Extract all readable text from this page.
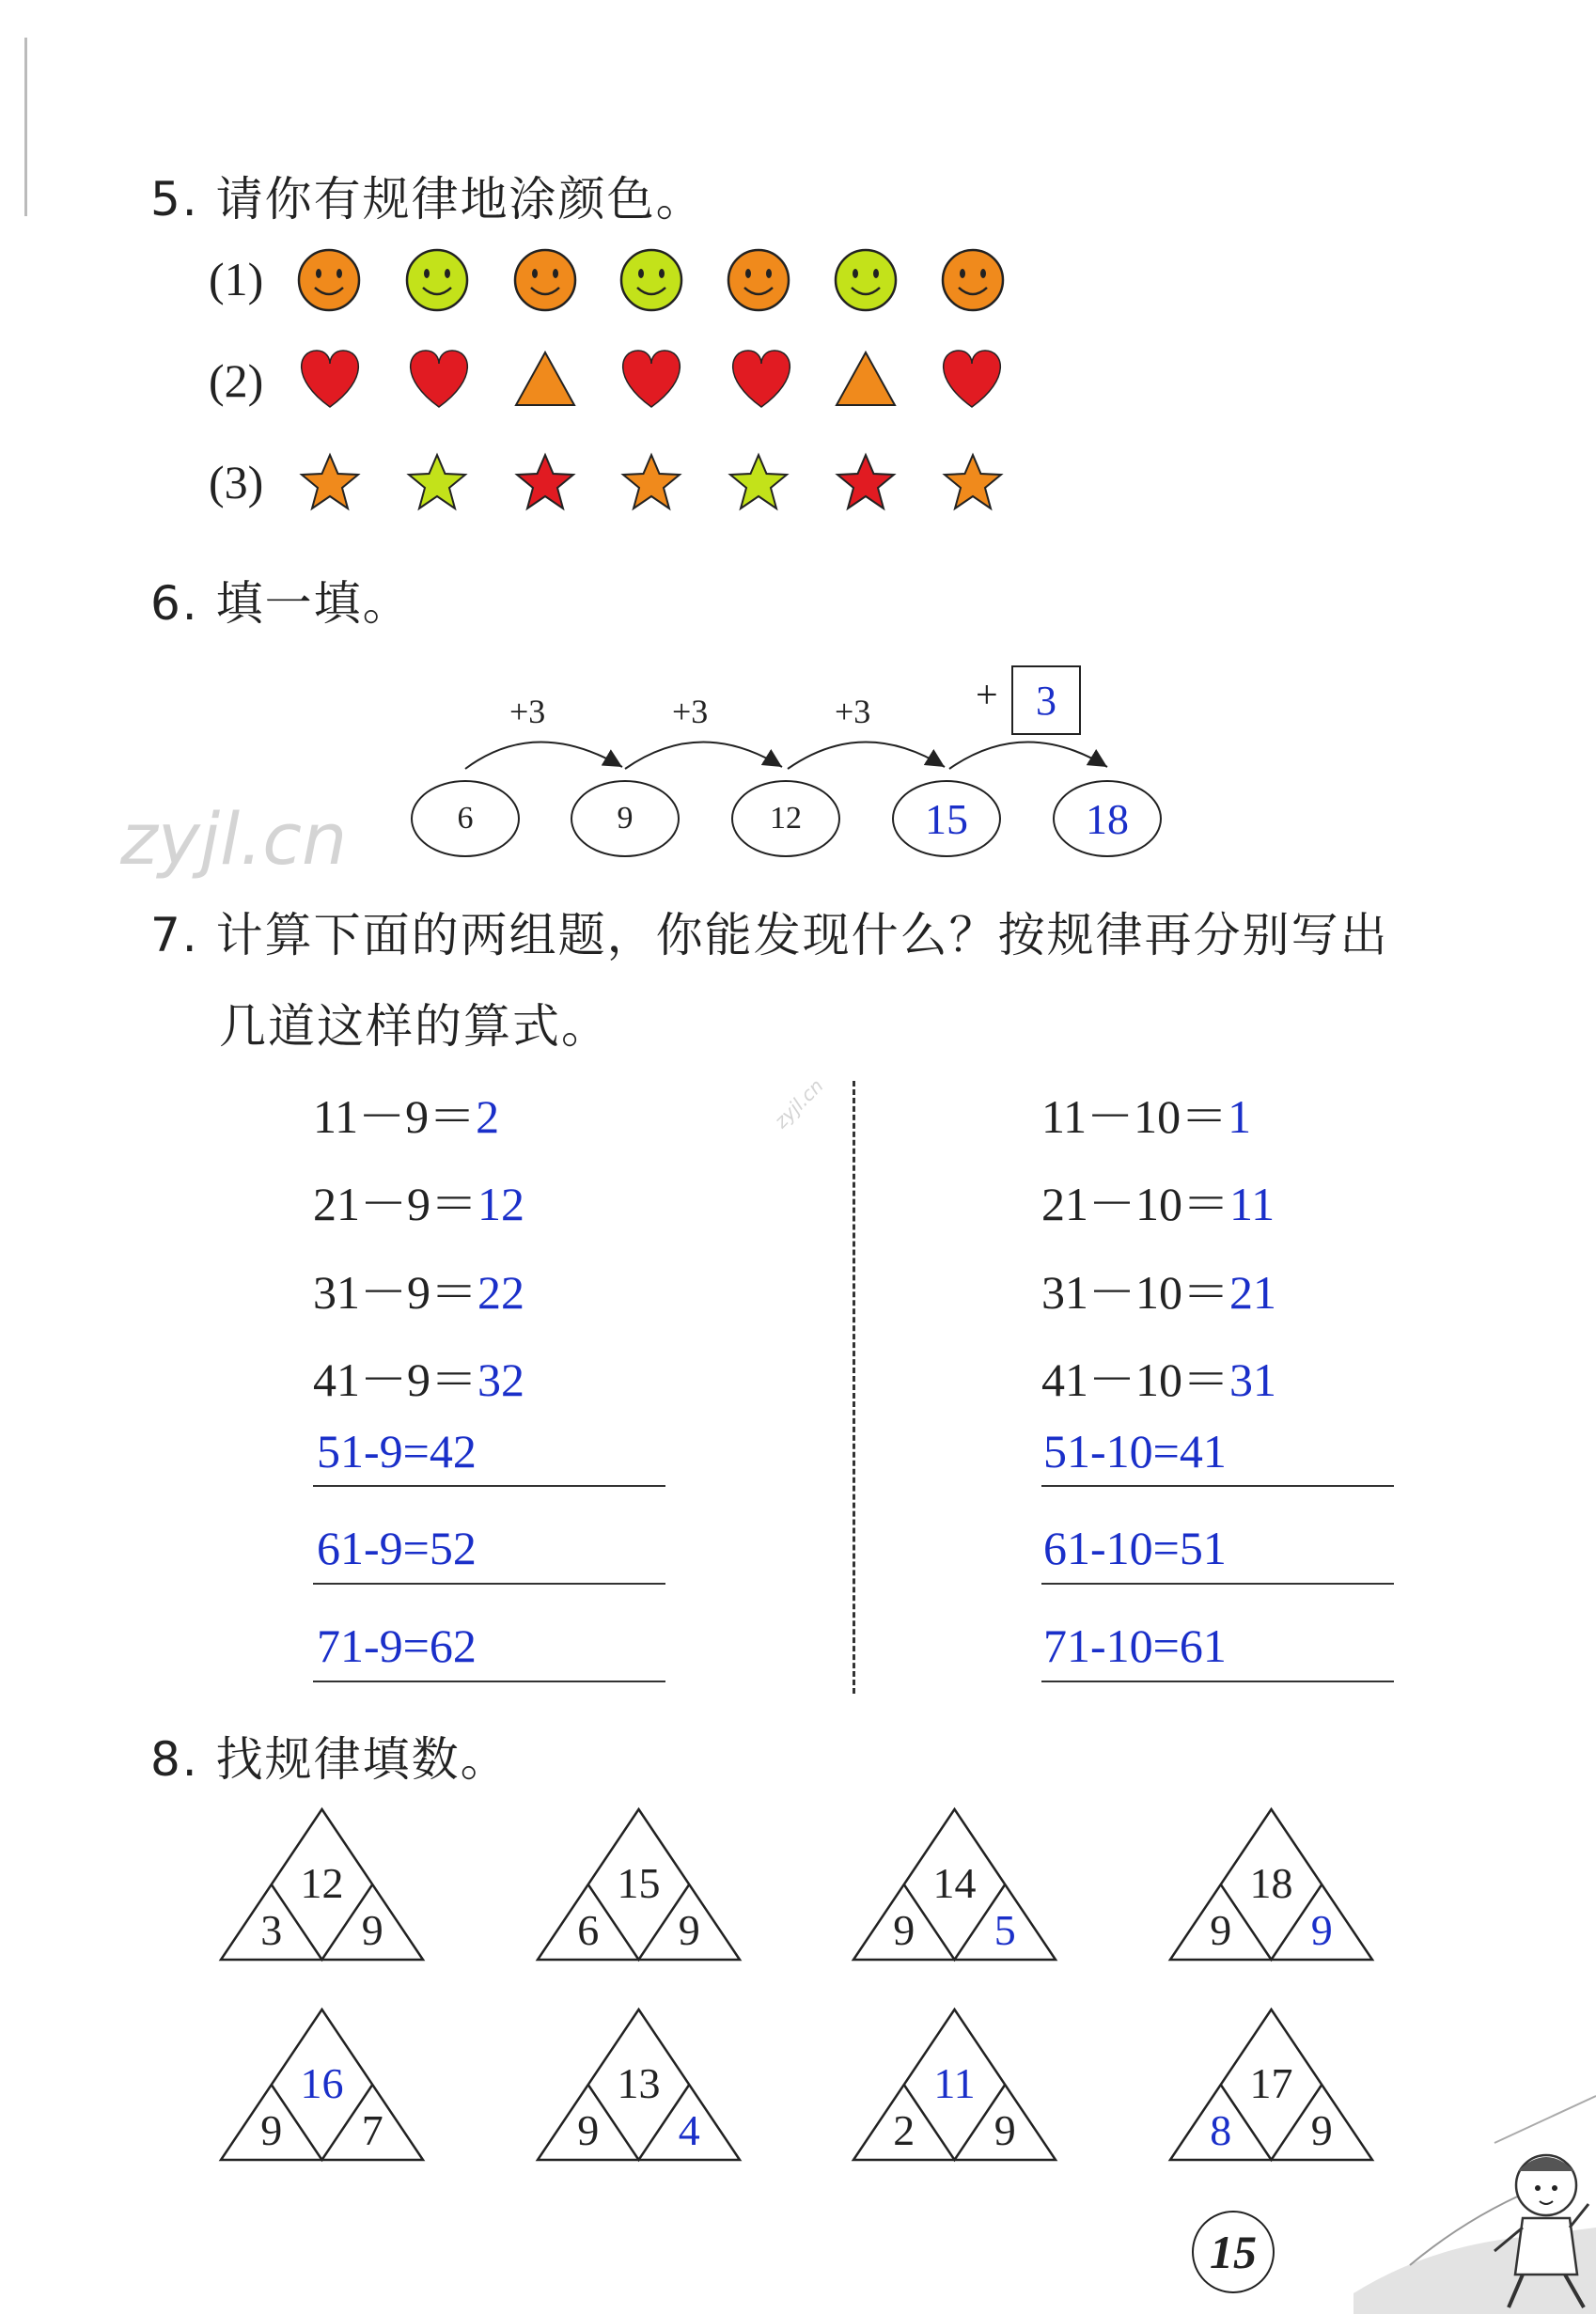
5. 请你有规律地涂颜色。
(1)
(2)
(3)
6. 填一填。
+3	+3	+3	+ 3
6	9	12	15	18
zyjl.cn
zyjl.cn
7. 计算下面的两组题，你能发现什么？按规律再分别写出
几道这样的算式。
11－9＝2
21－9＝12
31－9＝22
41－9＝32
11－10＝1
21－10＝11
31－10＝21
41－10＝31
51-9=42
61-9=52
71-9=62
51-10=41
61-10=51
71-10=61
8. 找规律填数。
12
3	9
15
6	9
14
9	5
18
9	9
16
9	7
13
9	4
11
2	9
17
8	9
15
